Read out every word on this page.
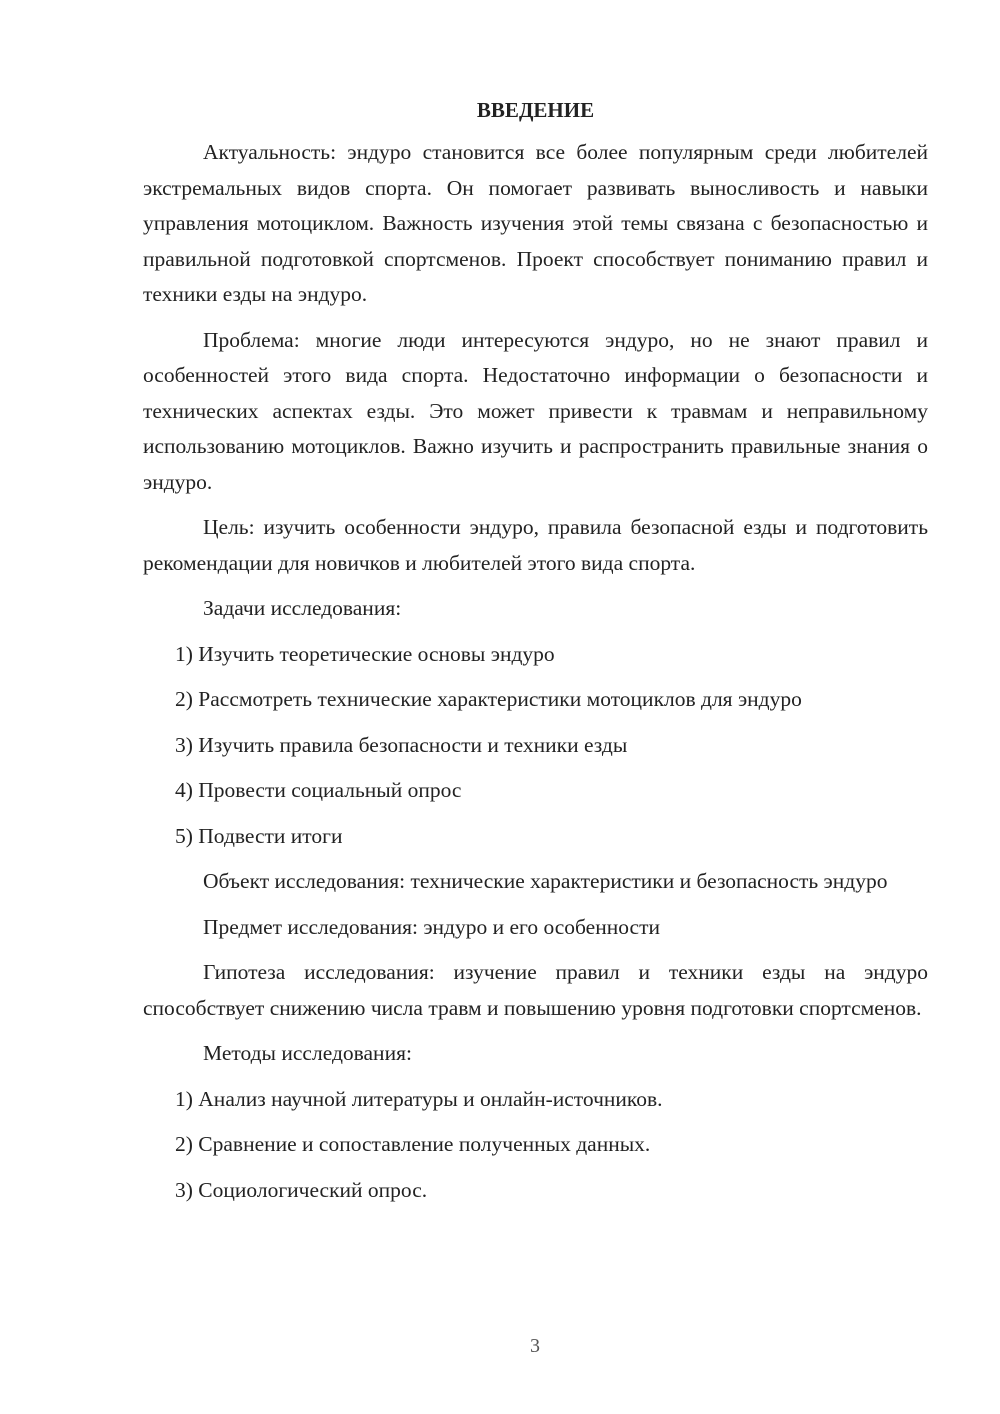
ВВЕДЕНИЕ

Актуальность: эндуро становится все более популярным среди любителей экстремальных видов спорта. Он помогает развивать выносливость и навыки управления мотоциклом. Важность изучения этой темы связана с безопасностью и правильной подготовкой спортсменов. Проект способствует пониманию правил и техники езды на эндуро.

Проблема: многие люди интересуются эндуро, но не знают правил и особенностей этого вида спорта. Недостаточно информации о безопасности и технических аспектах езды. Это может привести к травмам и неправильному использованию мотоциклов. Важно изучить и распространить правильные знания о эндуро.

Цель: изучить особенности эндуро, правила безопасной езды и подготовить рекомендации для новичков и любителей этого вида спорта.

Задачи исследования:

1) Изучить теоретические основы эндуро

2) Рассмотреть технические характеристики мотоциклов для эндуро

3) Изучить правила безопасности и техники езды

4) Провести социальный опрос

5) Подвести итоги

Объект исследования: технические характеристики и безопасность эндуро

Предмет исследования: эндуро и его особенности

Гипотеза исследования: изучение правил и техники езды на эндуро способствует снижению числа травм и повышению уровня подготовки спортсменов.

Методы исследования:

1) Анализ научной литературы и онлайн-источников.

2) Сравнение и сопоставление полученных данных.

3) Социологический опрос.

3
